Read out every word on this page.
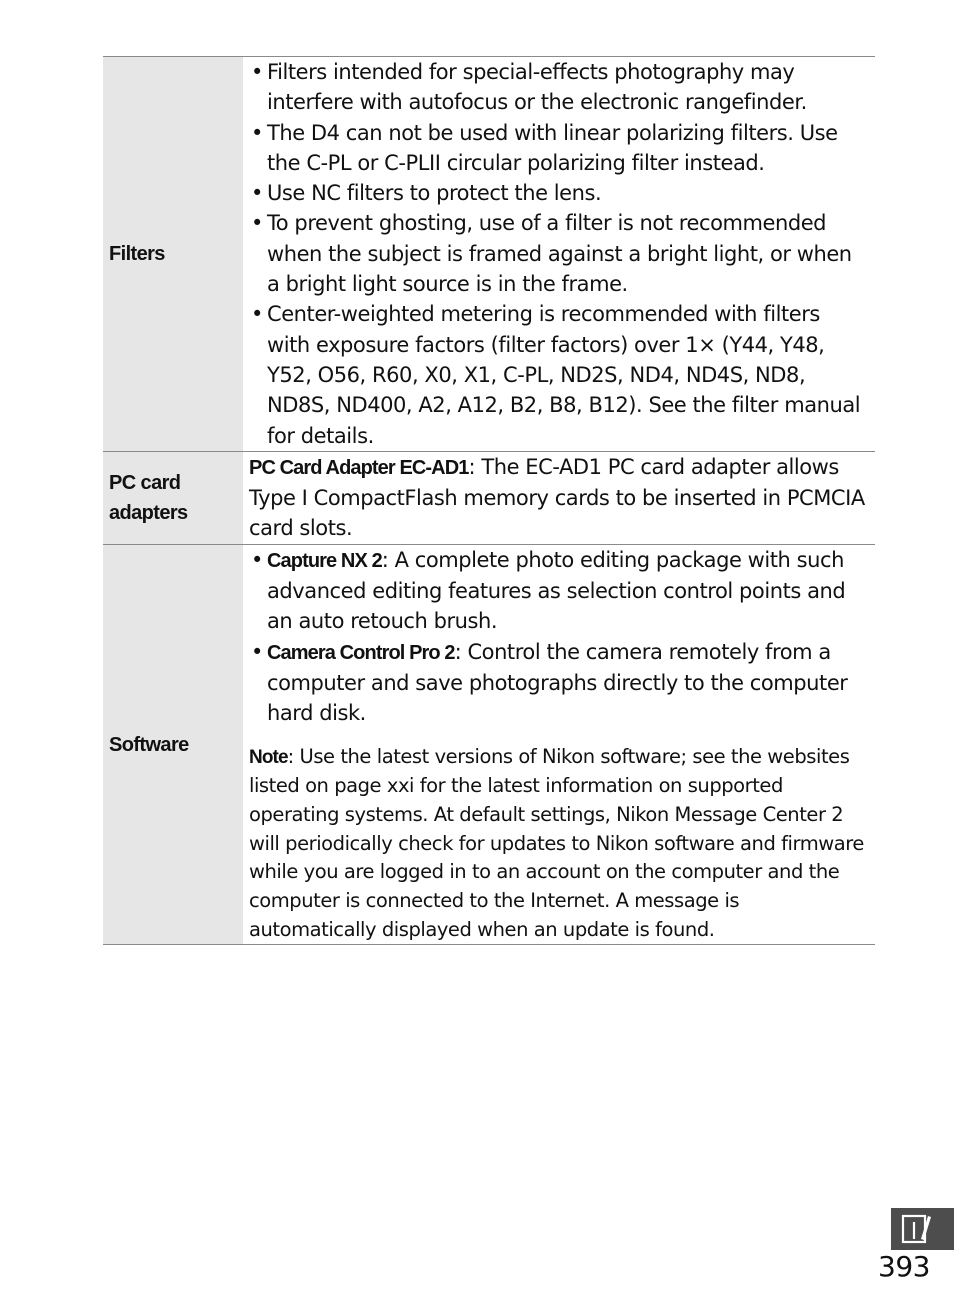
Filters
• Filters intended for special-effects photography may interfere with autofocus or the electronic rangefinder.
• The D4 can not be used with linear polarizing filters. Use the C-PL or C-PLII circular polarizing filter instead.
• Use NC filters to protect the lens.
• To prevent ghosting, use of a filter is not recommended when the subject is framed against a bright light, or when a bright light source is in the frame.
• Center-weighted metering is recommended with filters with exposure factors (filter factors) over 1× (Y44, Y48, Y52, O56, R60, X0, X1, C-PL, ND2S, ND4, ND4S, ND8, ND8S, ND400, A2, A12, B2, B8, B12). See the filter manual for details.
PC card
adapters
PC Card Adapter EC-AD1: The EC-AD1 PC card adapter allows Type I CompactFlash memory cards to be inserted in PCMCIA card slots.
Software
• Capture NX 2: A complete photo editing package with such advanced editing features as selection control points and an auto retouch brush.
• Camera Control Pro 2: Control the camera remotely from a computer and save photographs directly to the computer hard disk.
Note: Use the latest versions of Nikon software; see the websites listed on page xxi for the latest information on supported operating systems. At default settings, Nikon Message Center 2 will periodically check for updates to Nikon software and firmware while you are logged in to an account on the computer and the computer is connected to the Internet. A message is automatically displayed when an update is found.
393
